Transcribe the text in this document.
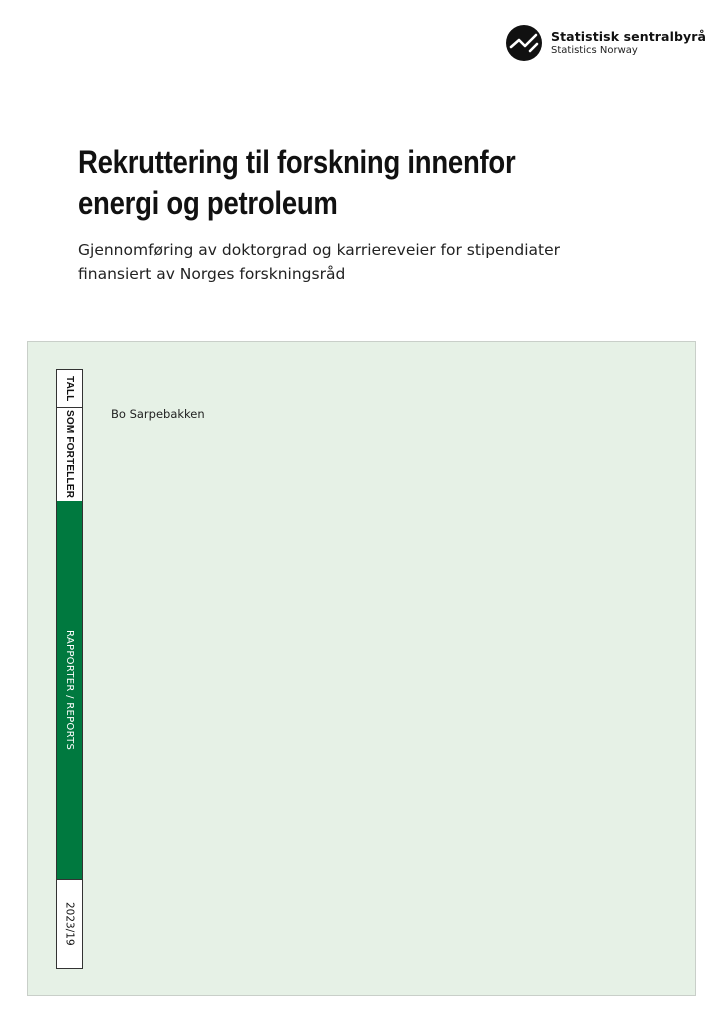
Statistisk sentralbyrå
Statistics Norway
Rekruttering til forskning innenfor energi og petroleum

Gjennomføring av doktorgrad og karriereveier for stipendiater finansiert av Norges forskningsråd

Bo Sarpebakken
TALL
SOM FORTELLER
RAPPORTER / REPORTS
2023/19
